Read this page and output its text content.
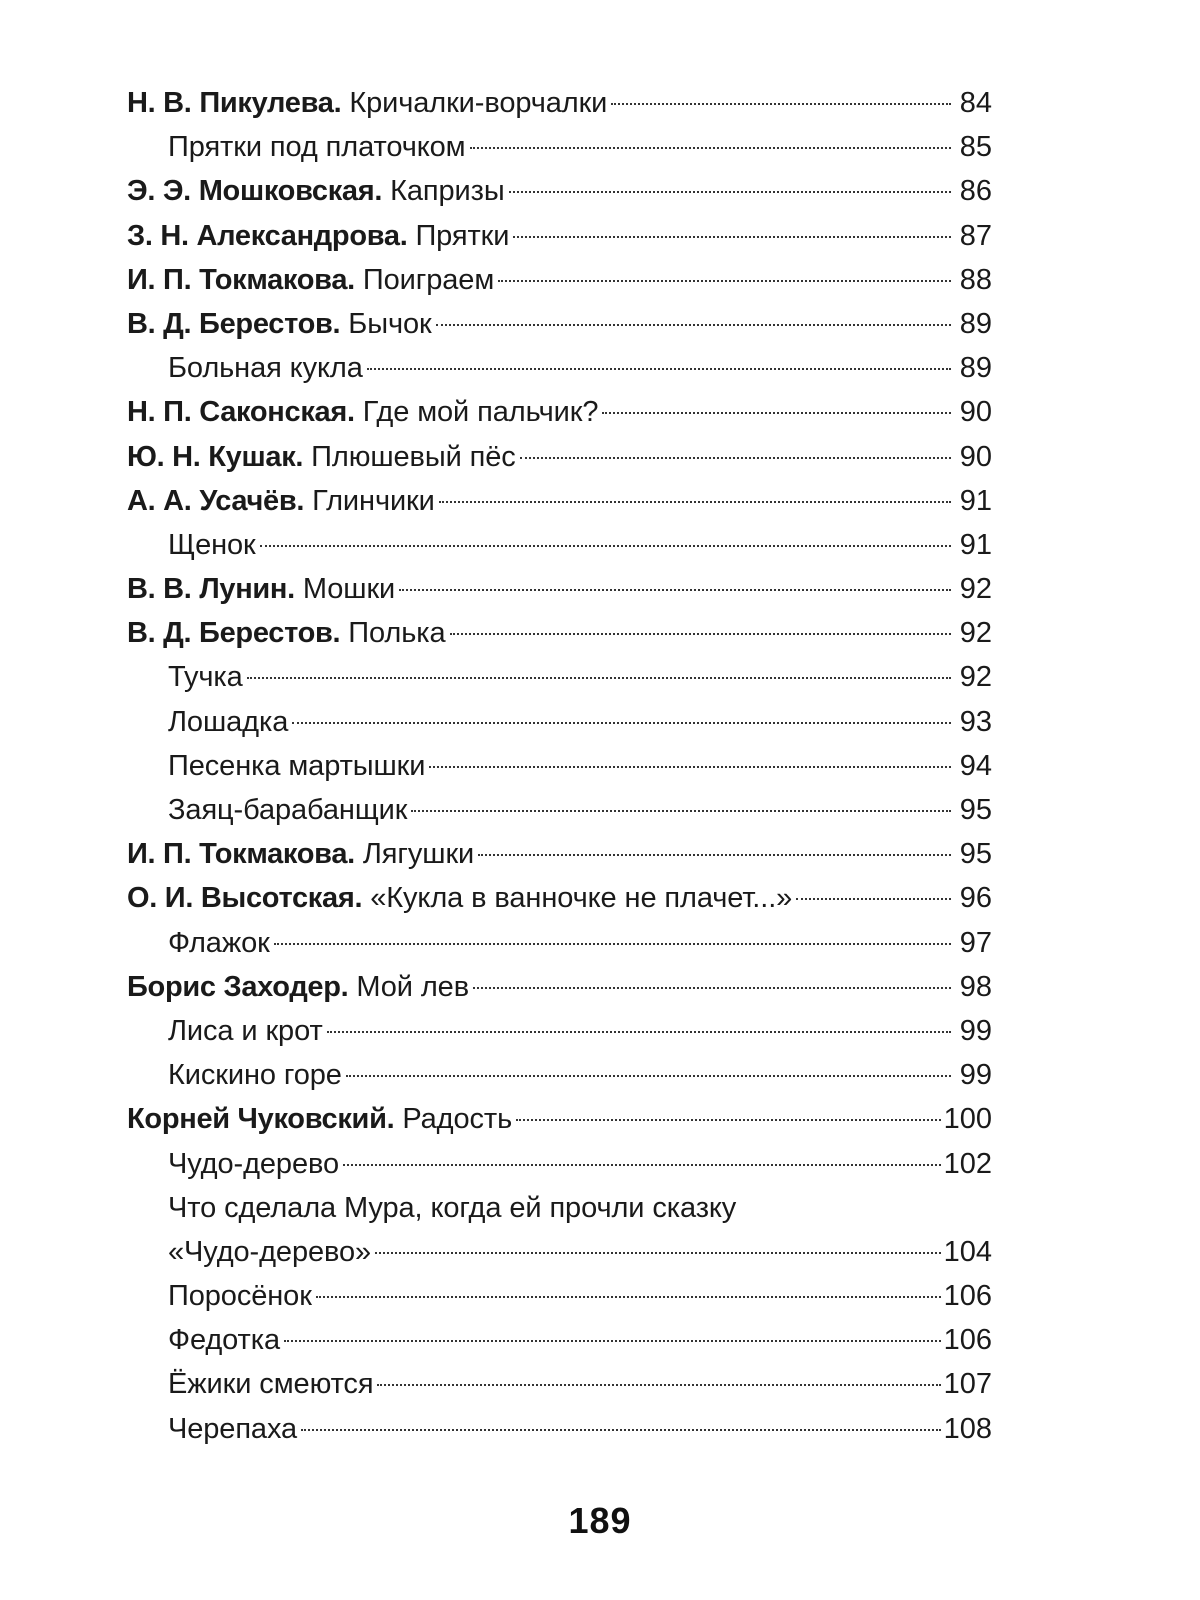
Н. В. Пикулева. Кричалки-ворчалки	84
Прятки под платочком	85
Э. Э. Мошковская. Капризы	86
З. Н. Александрова. Прятки	87
И. П. Токмакова. Поиграем	88
В. Д. Берестов. Бычок	89
Больная кукла	89
Н. П. Саконская. Где мой пальчик?	90
Ю. Н. Кушак. Плюшевый пёс	90
А. А. Усачёв. Глинчики	91
Щенок	91
В. В. Лунин. Мошки	92
В. Д. Берестов. Полька	92
Тучка	92
Лошадка	93
Песенка мартышки	94
Заяц-барабанщик	95
И. П. Токмакова. Лягушки	95
О. И. Высотская. «Кукла в ванночке не плачет...»	96
Флажок	97
Борис Заходер. Мой лев	98
Лиса и крот	99
Кискино горе	99
Корней Чуковский. Радость	100
Чудо-дерево	102
Что сделала Мура, когда ей прочли сказку
«Чудо-дерево»	104
Поросёнок	106
Федотка	106
Ёжики смеются	107
Черепаха	108
189
